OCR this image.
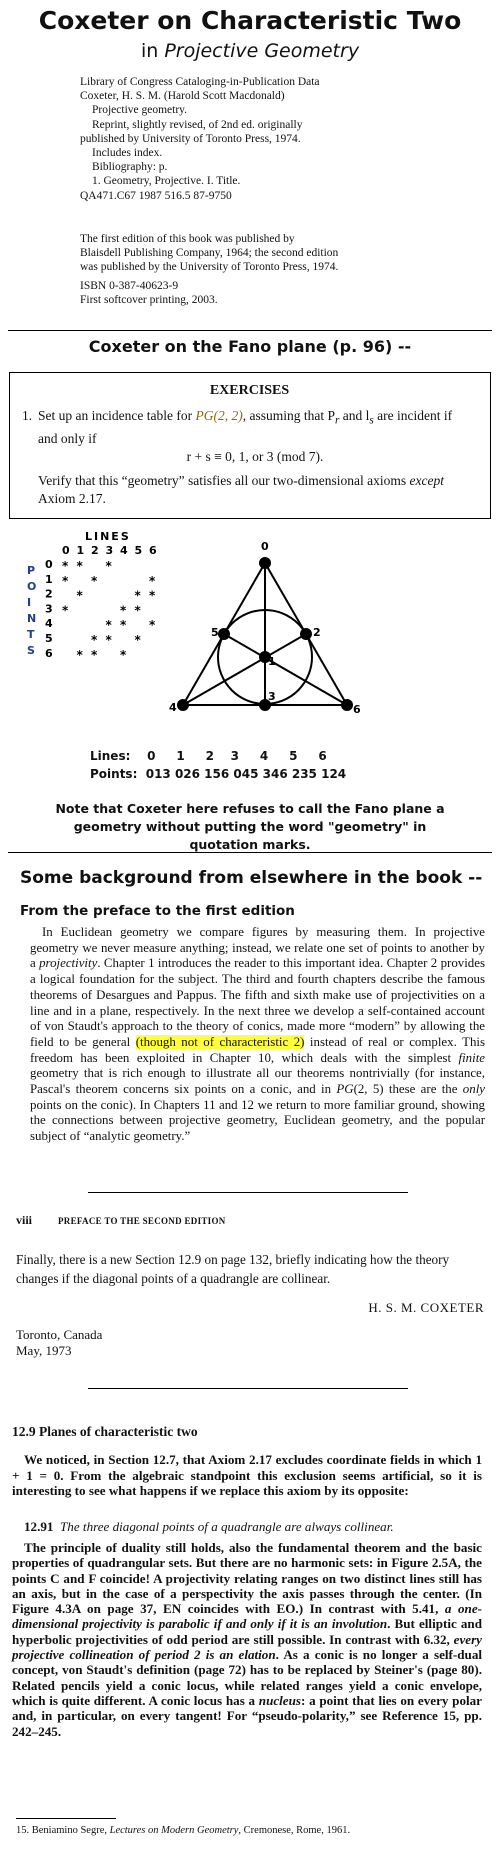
Coxeter on Characteristic Two
in Projective Geometry
Library of Congress Cataloging-in-Publication Data
Coxeter, H. S. M. (Harold Scott Macdonald)
Projective geometry.
Reprint, slightly revised, of 2nd ed. originally
published by University of Toronto Press, 1974.
Includes index.
Bibliography: p.
1. Geometry, Projective. I. Title.
QA471.C67 1987 516.5 87-9750
The first edition of this book was published by
Blaisdell Publishing Company, 1964; the second edition
was published by the University of Toronto Press, 1974.
ISBN 0-387-40623-9
First softcover printing, 2003.
Coxeter on the Fano plane (p. 96) --
EXERCISES
1. Set up an incidence table for PG(2, 2), assuming that $P_r$ and $l_s$ are incident if and only if
r + s ≡ 0, 1, or 3 (mod 7).
Verify that this “geometry” satisfies all our two-dimensional axioms except Axiom 2.17.
LINES
0 1 2 3 4 5 6
0
1
2
3
4
5
6
P
O
I
N
T
S
*
*
*
*
*
*
*
*
*
*
*
*
*
*
*
*
*
*
*
*
*
0
1
2
3
4
5
6
Lines:    0     1     2    3     4     5     6
Points:  013 026 156 045 346 235 124
Note that Coxeter here refuses to call the Fano plane a geometry without putting the word "geometry" in quotation marks.
Some background from elsewhere in the book --
From the preface to the first edition
In Euclidean geometry we compare figures by measuring them. In projective geometry we never measure anything; instead, we relate one set of points to another by a projectivity. Chapter 1 introduces the reader to this important idea. Chapter 2 provides a logical foundation for the subject. The third and fourth chapters describe the famous theorems of Desargues and Pappus. The fifth and sixth make use of projectivities on a line and in a plane, respectively. In the next three we develop a self-contained account of von Staudt's approach to the theory of conics, made more “modern” by allowing the field to be general (though not of characteristic 2) instead of real or complex. This freedom has been exploited in Chapter 10, which deals with the simplest finite geometry that is rich enough to illustrate all our theorems nontrivially (for instance, Pascal's theorem concerns six points on a conic, and in PG(2, 5) these are the only points on the conic). In Chapters 11 and 12 we return to more familiar ground, showing the connections between projective geometry, Euclidean geometry, and the popular subject of “analytic geometry.”
viii	PREFACE TO THE SECOND EDITION
Finally, there is a new Section 12.9 on page 132, briefly indicating how the theory changes if the diagonal points of a quadrangle are collinear.
H. S. M. COXETER
Toronto, Canada
May, 1973
12.9 Planes of characteristic two
We noticed, in Section 12.7, that Axiom 2.17 excludes coordinate fields in which 1 + 1 = 0. From the algebraic standpoint this exclusion seems artificial, so it is interesting to see what happens if we replace this axiom by its opposite:
12.91 The three diagonal points of a quadrangle are always collinear.
The principle of duality still holds, also the fundamental theorem and the basic properties of quadrangular sets. But there are no harmonic sets: in Figure 2.5A, the points C and F coincide! A projectivity relating ranges on two distinct lines still has an axis, but in the case of a perspectivity the axis passes through the center. (In Figure 4.3A on page 37, EN coincides with EO.) In contrast with 5.41, a one-dimensional projectivity is parabolic if and only if it is an involution. But elliptic and hyperbolic projectivities of odd period are still possible. In contrast with 6.32, every projective collineation of period 2 is an elation. As a conic is no longer a self-dual concept, von Staudt's definition (page 72) has to be replaced by Steiner's (page 80). Related pencils yield a conic locus, while related ranges yield a conic envelope, which is quite different. A conic locus has a nucleus: a point that lies on every polar and, in particular, on every tangent! For “pseudo-polarity,” see Reference 15, pp. 242–245.
15. Beniamino Segre, Lectures on Modern Geometry, Cremonese, Rome, 1961.
